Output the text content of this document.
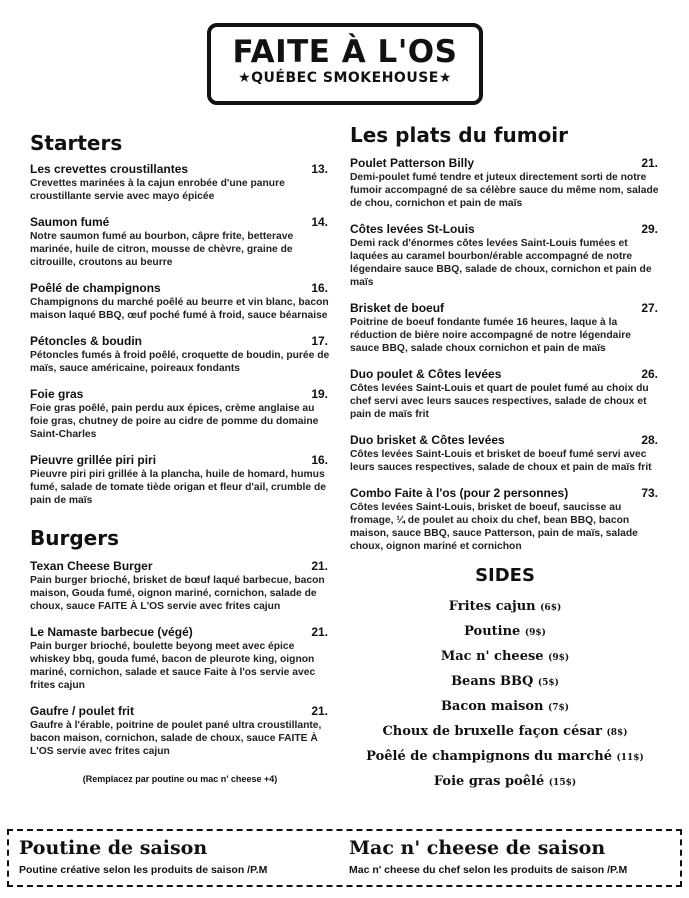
FAITE À L'OS
★QUÉBEC SMOKEHOUSE★
Starters
Les crevettes croustillantes	13.
Crevettes marinées à la cajun enrobée d'une panure croustillante servie avec mayo épicée
Saumon fumé	14.
Notre saumon fumé au bourbon, câpre frite, betterave marinée, huile de citron, mousse de chèvre, graine de citrouille, croutons au beurre
Poêlé de champignons	16.
Champignons du marché poêlé au beurre et vin blanc, bacon maison laqué BBQ, œuf poché fumé à froid, sauce béarnaise
Pétoncles & boudin	17.
Pétoncles fumés à froid poêlé, croquette de boudin, purée de maïs, sauce américaine, poireaux fondants
Foie gras	19.
Foie gras poêlé, pain perdu aux épices, crème anglaise au foie gras, chutney de poire au cidre de pomme du domaine Saint-Charles
Pieuvre grillée piri piri	16.
Pieuvre piri piri grillée à la plancha, huile de homard, humus fumé, salade de tomate tiède origan et fleur d'ail, crumble de pain de maïs
Burgers
Texan Cheese Burger	21.
Pain burger brioché, brisket de bœuf laqué barbecue, bacon maison, Gouda fumé, oignon mariné, cornichon, salade de choux, sauce FAITE À L'OS servie avec frites cajun
Le Namaste barbecue (végé)	21.
Pain burger brioché, boulette beyong meet avec épice whiskey bbq, gouda fumé, bacon de pleurote king, oignon mariné, cornichon, salade et sauce Faite à l'os servie avec frites cajun
Gaufre / poulet frit	21.
Gaufre à l'érable, poitrine de poulet pané ultra croustillante, bacon maison, cornichon, salade de choux, sauce FAITE À L'OS servie avec frites cajun
(Remplacez par poutine ou mac n' cheese +4)
Les plats du fumoir
Poulet Patterson Billy	21.
Demi-poulet fumé tendre et juteux directement sorti de notre fumoir accompagné de sa célèbre sauce du même nom, salade de chou, cornichon et pain de maïs
Côtes levées St-Louis	29.
Demi rack d'énormes côtes levées Saint-Louis fumées et laquées au caramel bourbon/érable accompagné de notre légendaire sauce BBQ, salade de choux, cornichon et pain de maïs
Brisket de boeuf	27.
Poitrine de boeuf fondante fumée 16 heures, laque à la réduction de bière noire accompagné de notre légendaire sauce BBQ, salade choux cornichon et pain de maïs
Duo poulet & Côtes levées	26.
Côtes levées Saint-Louis et quart de poulet fumé au choix du chef servi avec leurs sauces respectives, salade de choux et pain de maïs frit
Duo brisket & Côtes levées	28.
Côtes levées Saint-Louis et brisket de boeuf fumé servi avec leurs sauces respectives, salade de choux et pain de maïs frit
Combo Faite à l'os (pour 2 personnes)	73.
Côtes levées Saint-Louis, brisket de boeuf, saucisse au fromage, ¼ de poulet au choix du chef, bean BBQ, bacon maison, sauce BBQ, sauce Patterson, pain de maïs, salade choux, oignon mariné et cornichon
SIDES
Frites cajun (6$)
Poutine (9$)
Mac n' cheese (9$)
Beans BBQ (5$)
Bacon maison (7$)
Choux de bruxelle façon césar (8$)
Poêlé de champignons du marché (11$)
Foie gras poêlé (15$)
Poutine de saison
Poutine créative selon les produits de saison /P.M
Mac n' cheese de saison
Mac n' cheese du chef selon les produits de saison /P.M
